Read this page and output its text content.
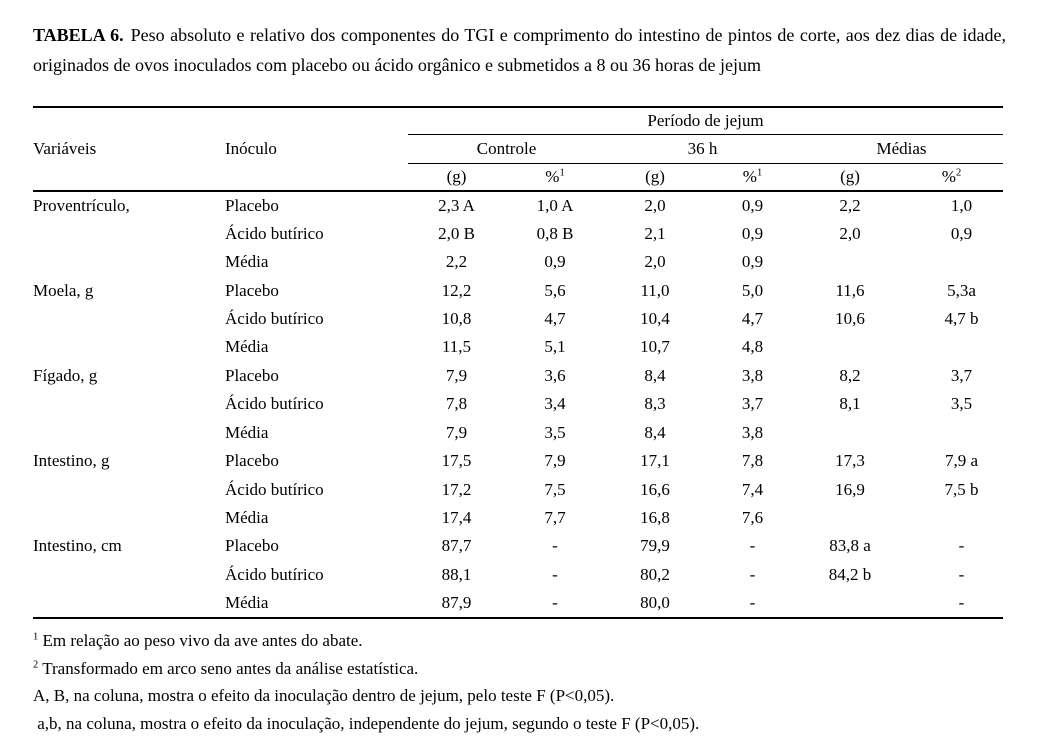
TABELA 6. Peso absoluto e relativo dos componentes do TGI e comprimento do intestino de pintos de corte, aos dez dias de idade, originados de ovos inoculados com placebo ou ácido orgânico e submetidos a 8 ou 36 horas de jejum

		Período de jejum					
Variáveis	Inóculo	Controle		36 h		Médias	
		(g)	%$^1$	(g)	%$^1$	(g)	%$^2$
Proventrículo,	Placebo	2,3 A	1,0 A	2,0	0,9	2,2	1,0
	Ácido butírico	2,0 B	0,8 B	2,1	0,9	2,0	0,9
	Média	2,2	0,9	2,0	0,9		
Moela, g	Placebo	12,2	5,6	11,0	5,0	11,6	5,3a
	Ácido butírico	10,8	4,7	10,4	4,7	10,6	4,7 b
	Média	11,5	5,1	10,7	4,8		
Fígado, g	Placebo	7,9	3,6	8,4	3,8	8,2	3,7
	Ácido butírico	7,8	3,4	8,3	3,7	8,1	3,5
	Média	7,9	3,5	8,4	3,8		
Intestino, g	Placebo	17,5	7,9	17,1	7,8	17,3	7,9 a
	Ácido butírico	17,2	7,5	16,6	7,4	16,9	7,5 b
	Média	17,4	7,7	16,8	7,6		
Intestino, cm	Placebo	87,7	-	79,9	-	83,8 a	-
	Ácido butírico	88,1	-	80,2	-	84,2 b	-
	Média	87,9	-	80,0	-		-
$^1$ Em relação ao peso vivo da ave antes do abate.
$^2$ Transformado em arco seno antes da análise estatística.
A, B, na coluna, mostra o efeito da inoculação dentro de jejum, pelo teste F (P<0,05).
a,b, na coluna, mostra o efeito da inoculação, independente do jejum, segundo o teste F (P<0,05).
